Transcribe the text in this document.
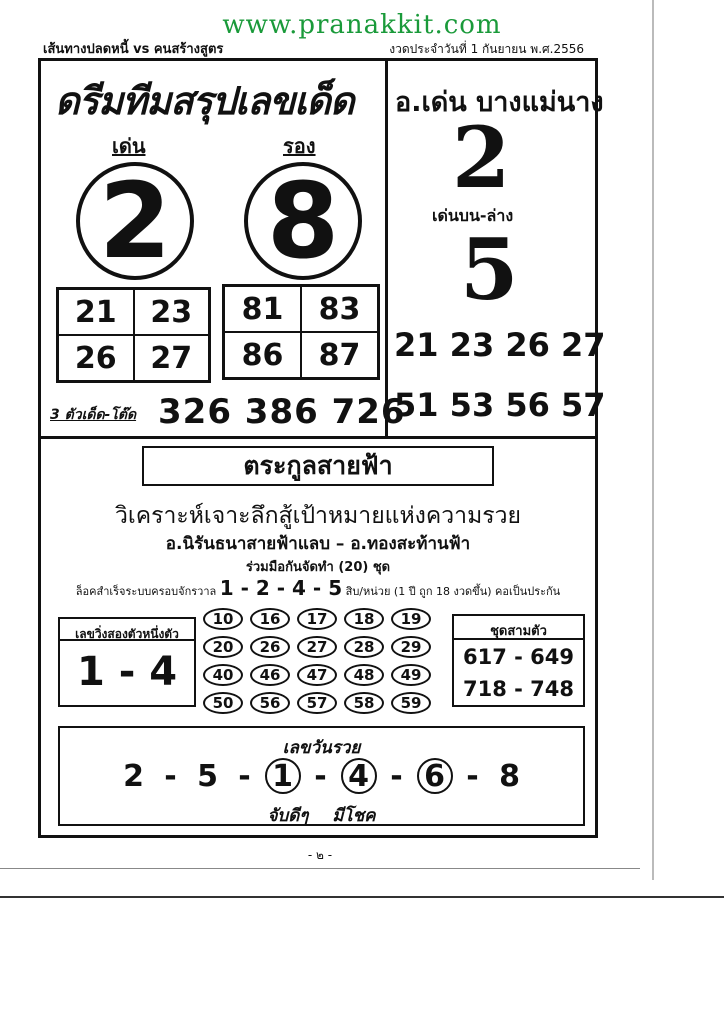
www.pranakkit.com
เส้นทางปลดหนี้ vs คนสร้างสูตร	งวดประจำวันที่ 1 กันยายน พ.ศ.2556
ดรีมทีมสรุปเลขเด็ด
เด่น	รอง
2 8
21	23
26	27
81	83
86	87
3 ตัวเด็ด-โต๊ด 326 386 726
อ.เด่น บางแม่นาง
2
เด่นบน-ล่าง
5
21 23 26 27
51 53 56 57
ตระกูลสายฟ้า
วิเคราะห์เจาะลึกสู้เป้าหมายแห่งความรวย
อ.นิรันธนาสายฟ้าแลบ – อ.ทองสะท้านฟ้า
ร่วมมือกันจัดทำ (20) ชุด
ล็อคสำเร็จระบบครอบจักรวาล 1 - 2 - 4 - 5 สิบ/หน่วย (1 ปี ถูก 18 งวดขึ้น) คอเป็นประกัน
เลขวิ่งสองตัวหนึ่งตัว
1 - 4
10	16	17	18	19
20	26	27	28	29
40	46	47	48	49
50	56	57	58	59
ชุดสามตัว
617 - 649
718 - 748
เลขวันรวย
2 - 5 - 1 - 4 - 6 - 8
จับดีๆ มีโชค
- ๒ -
